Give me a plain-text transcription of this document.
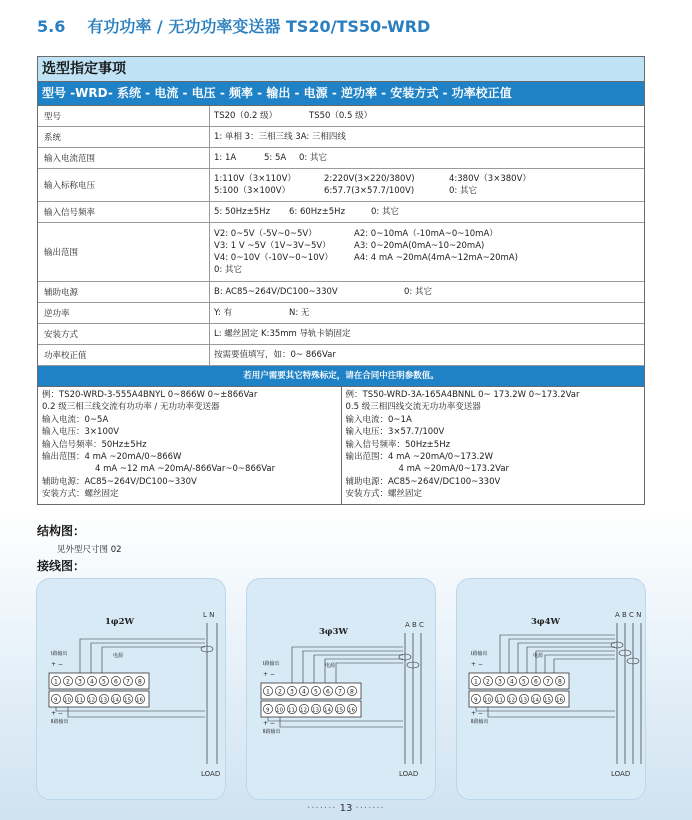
5.6 有功功率 / 无功功率变送器 TS20/TS50-WRD
选型指定事项
型号 -WRD- 系统 - 电流 - 电压 - 频率 - 输出 - 电源 - 逆功率 - 安装方式 - 功率校正值
型号	TS20（0.2 级）	TS50（0.5 级）
系统	1: 单相 3：三相三线 3A: 三相四线
输入电流范围	1: 1A	5: 5A	0: 其它
输入标称电压
1:110V（3×110V）	2:220V(3×220/380V)	4:380V（3×380V）
5:100（3×100V）	6:57.7(3×57.7/100V)	0: 其它
输入信号频率	5: 50Hz±5Hz	6: 60Hz±5Hz	0: 其它
输出范围
V2: 0~5V（-5V~0~5V）	A2: 0~10mA（-10mA~0~10mA）
V3: 1 V ~5V（1V~3V~5V）	A3: 0~20mA(0mA~10~20mA)
V4: 0~10V（-10V~0~10V）	A4: 4 mA ~20mA(4mA~12mA~20mA)
0: 其它
辅助电源	B: AC85~264V/DC100~330V	0: 其它
逆功率	Y: 有	N: 无
安装方式	L: 螺丝固定 K:35mm 导轨卡销固定
功率校正值	按需要值填写，如：0~ 866Var
若用户需要其它特殊标定，请在合同中注明参数值。
例：TS20-WRD-3-555A4BNYL 0~866W 0~±866Var
0.2 级三相三线交流有功功率 / 无功功率变送器
输入电流：0~5A
输入电压：3×100V
输入信号频率：50Hz±5Hz
输出范围：4 mA ~20mA/0~866W
4 mA ~12 mA ~20mA/-866Var~0~866Var
辅助电源：AC85~264V/DC100~330V
安装方式：螺丝固定
例：TS50-WRD-3A-165A4BNNL 0~ 173.2W 0~173.2Var
0.5 级三相四线交流无功功率变送器
输入电流：0~1A
输入电压：3×57.7/100V
输入信号频率：50Hz±5Hz
输出范围：4 mA ~20mA/0~173.2W
4 mA ~20mA/0~173.2Var
辅助电源：AC85~264V/DC100~330V
安装方式：螺丝固定
结构图：
见外型尺寸图 02
接线图：
1φ2W
L N
1
9
2
10
3
11
4
12
5
13
6
14
7
15
8
16
Ⅰ路输出
+ −
电源
+ −
Ⅱ路输出
LOAD
3φ3W
A B C
1
9
2
10
3
11
4
12
5
13
6
14
7
15
8
16
Ⅰ路输出
+ −
电源
+ −
Ⅱ路输出
LOAD
3φ4W
A B C N
1
9
2
10
3
11
4
12
5
13
6
14
7
15
8
16
Ⅰ路输出
+ −
电源
+ −
Ⅱ路输出
LOAD
······· 13 ·······
